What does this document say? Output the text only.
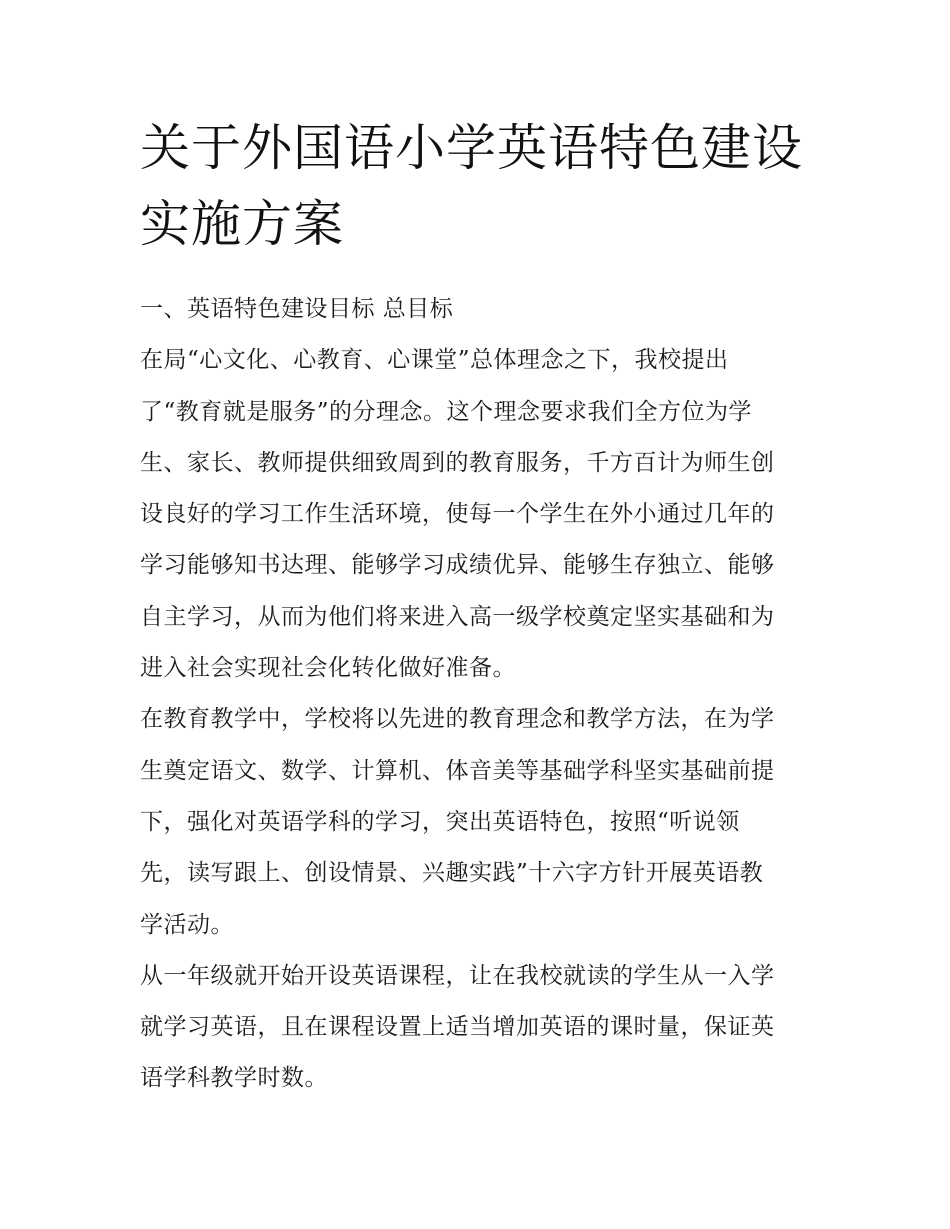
关于外国语小学英语特色建设
实施方案
一、英语特色建设目标 总目标
在局“心文化、心教育、心课堂”总体理念之下，我校提出
了“教育就是服务”的分理念。这个理念要求我们全方位为学
生、家长、教师提供细致周到的教育服务，千方百计为师生创
设良好的学习工作生活环境，使每一个学生在外小通过几年的
学习能够知书达理、能够学习成绩优异、能够生存独立、能够
自主学习，从而为他们将来进入高一级学校奠定坚实基础和为
进入社会实现社会化转化做好准备。
在教育教学中，学校将以先进的教育理念和教学方法，在为学
生奠定语文、数学、计算机、体音美等基础学科坚实基础前提
下，强化对英语学科的学习，突出英语特色，按照“听说领
先，读写跟上、创设情景、兴趣实践”十六字方针开展英语教
学活动。
从一年级就开始开设英语课程，让在我校就读的学生从一入学
就学习英语，且在课程设置上适当增加英语的课时量，保证英
语学科教学时数。
